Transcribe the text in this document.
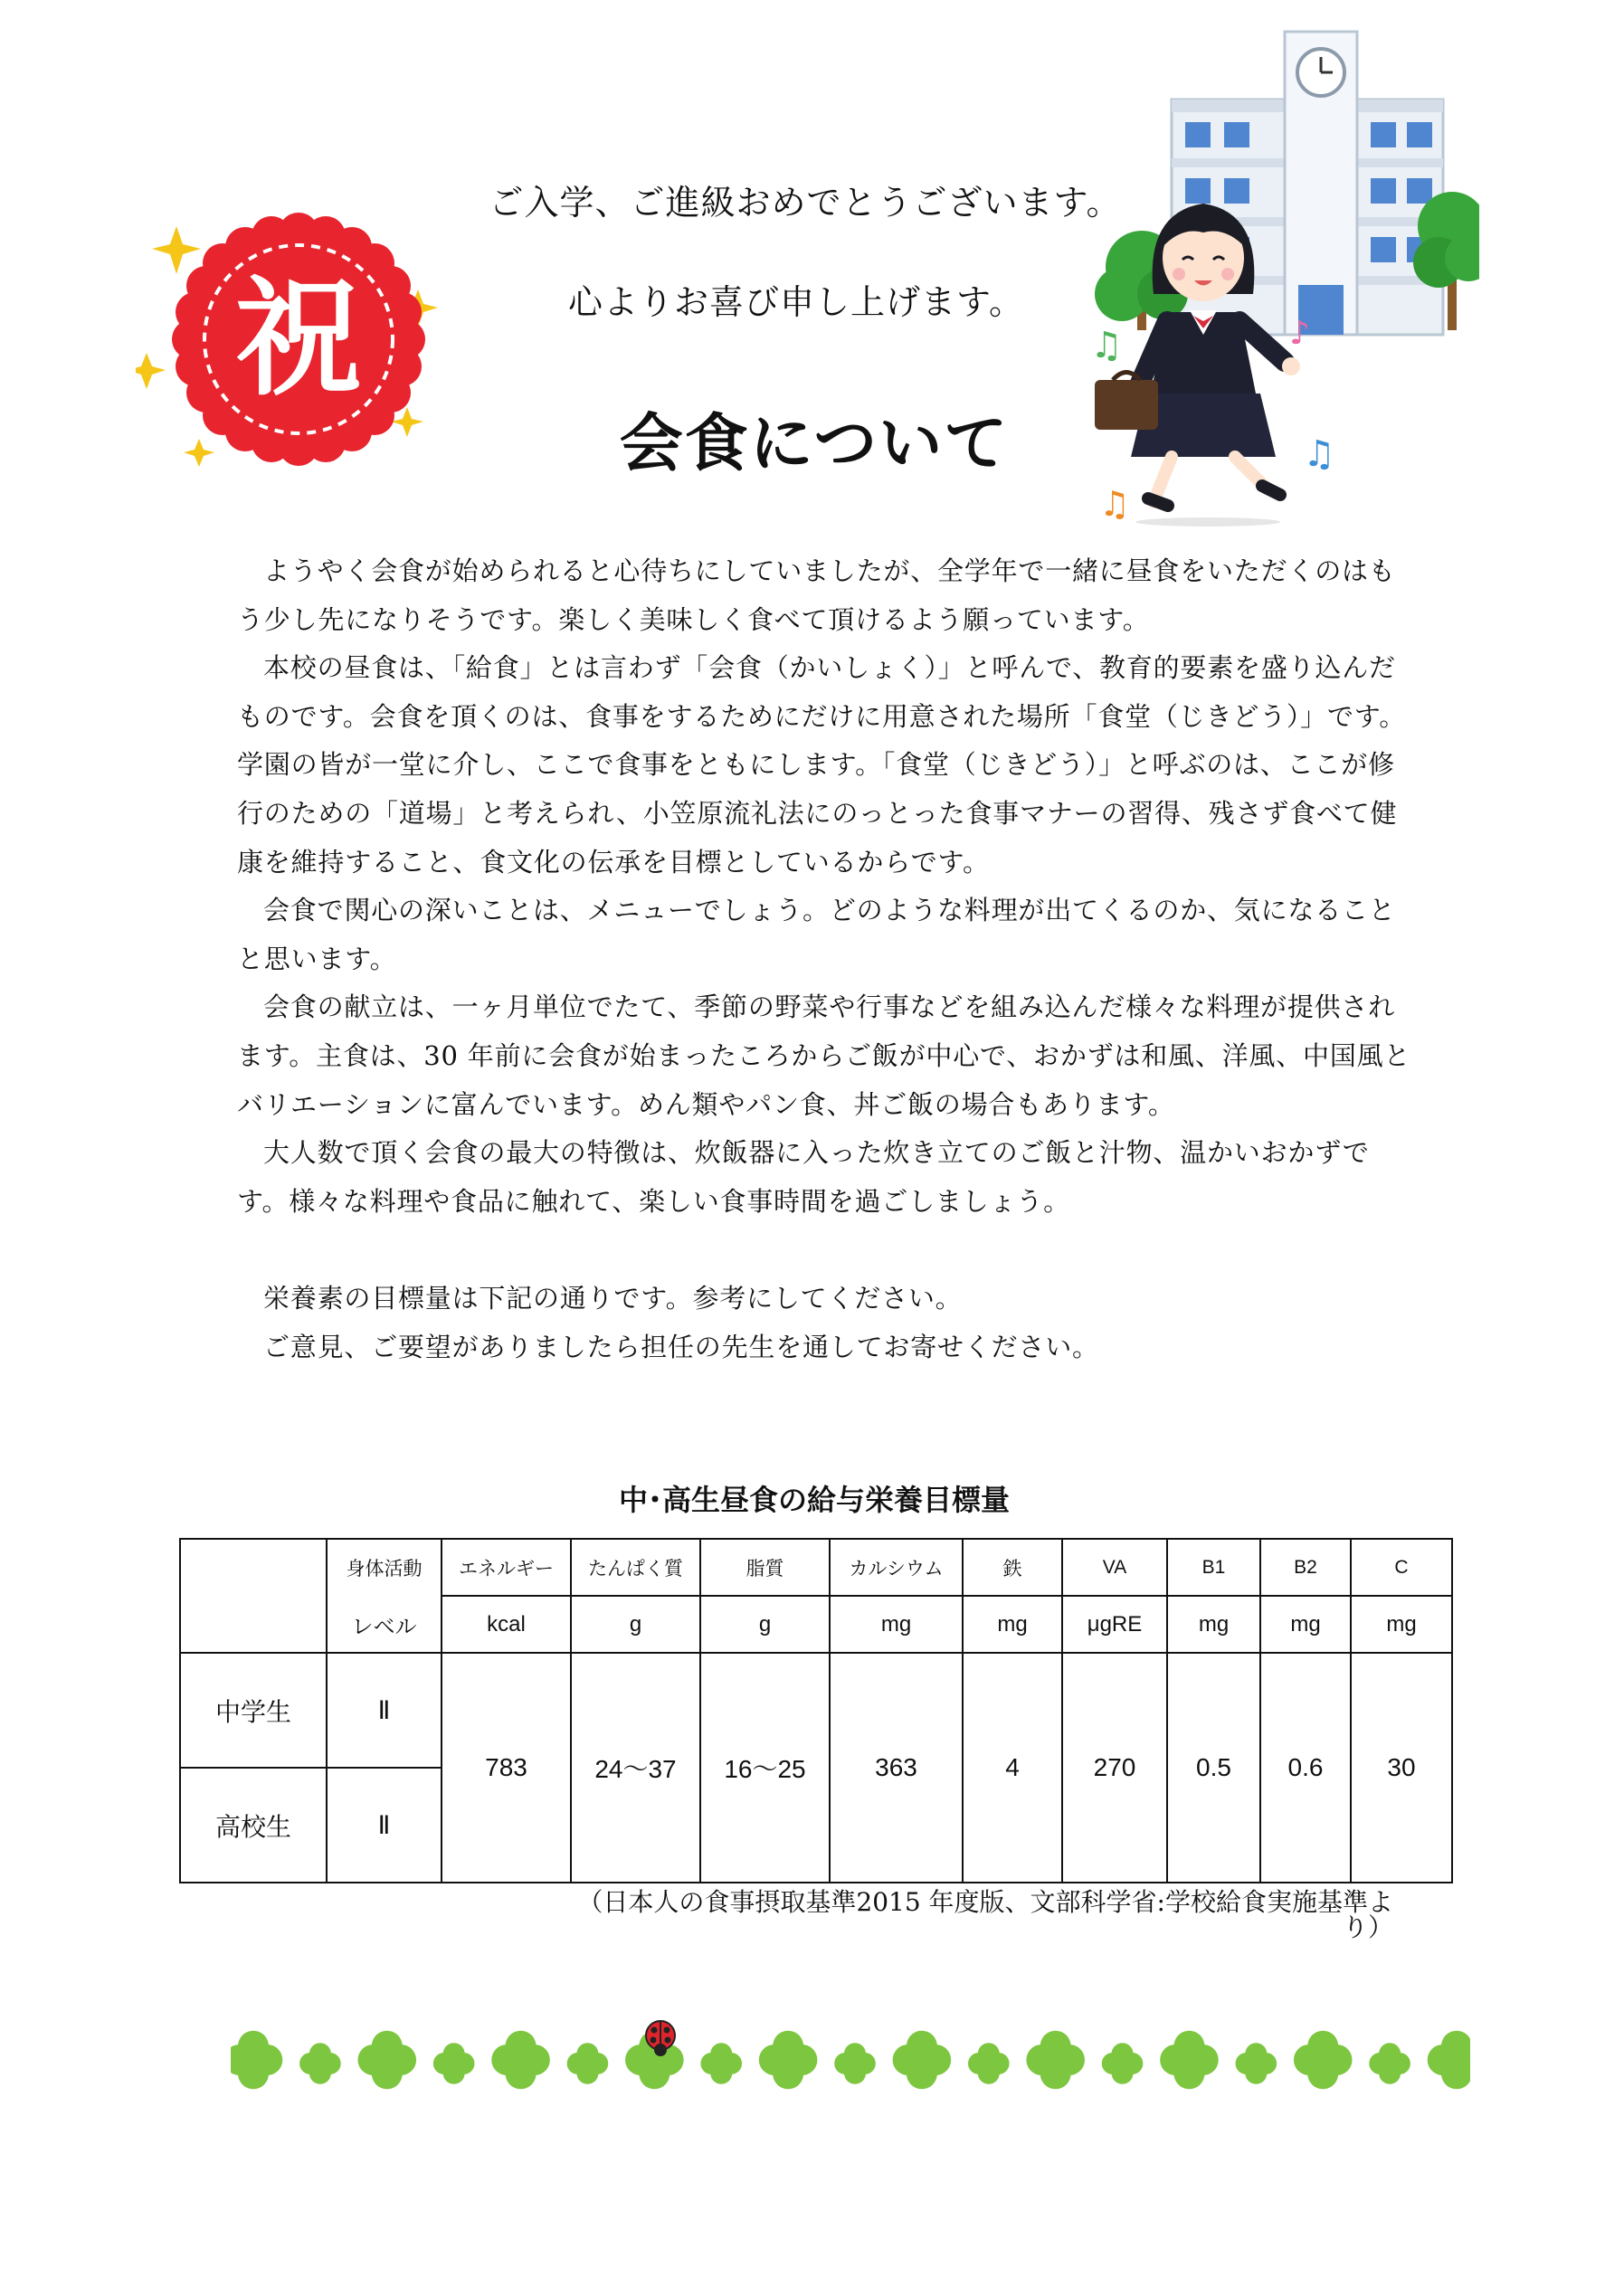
祝
ご入学、ご進級おめでとうございます。
心よりお喜び申し上げます。
会食について
♫	♪
♫
♫

ようやく会食が始められると心待ちにしていましたが、全学年で一緒に昼食をいただくのはもう少し先になりそうです。楽しく美味しく食べて頂けるよう願っています。

本校の昼食は、「給食」とは言わず「会食（かいしょく）」と呼んで、教育的要素を盛り込んだものです。会食を頂くのは、食事をするためにだけに用意された場所「食堂（じきどう）」です。学園の皆が一堂に介し、ここで食事をともにします。「食堂（じきどう）」と呼ぶのは、ここが修行のための「道場」と考えられ、小笠原流礼法にのっとった食事マナーの習得、残さず食べて健康を維持すること、食文化の伝承を目標としているからです。

会食で関心の深いことは、メニューでしょう。どのような料理が出てくるのか、気になることと思います。

会食の献立は、一ヶ月単位でたて、季節の野菜や行事などを組み込んだ様々な料理が提供されます。主食は、30 年前に会食が始まったころからご飯が中心で、おかずは和風、洋風、中国風とバリエーションに富んでいます。めん類やパン食、丼ご飯の場合もあります。

大人数で頂く会食の最大の特徴は、炊飯器に入った炊き立てのご飯と汁物、温かいおかずです。様々な料理や食品に触れて、楽しい食事時間を過ごしましょう。

栄養素の目標量は下記の通りです。参考にしてください。

ご意見、ご要望がありましたら担任の先生を通してお寄せください。

中･高生昼食の給与栄養目標量
	身体活動	エネルギー	たんぱく質	脂質	カルシウム	鉄	VA	B1	B2	C
	レベル	kcal	g	g	mg	mg	μgRE	mg	mg	mg
中学生	Ⅱ	783	24～37	16～25	363	4	270	0.5	0.6	30
高校生	Ⅱ									
（日本人の食事摂取基準2015 年度版、文部科学省:学校給食実施基準より）
